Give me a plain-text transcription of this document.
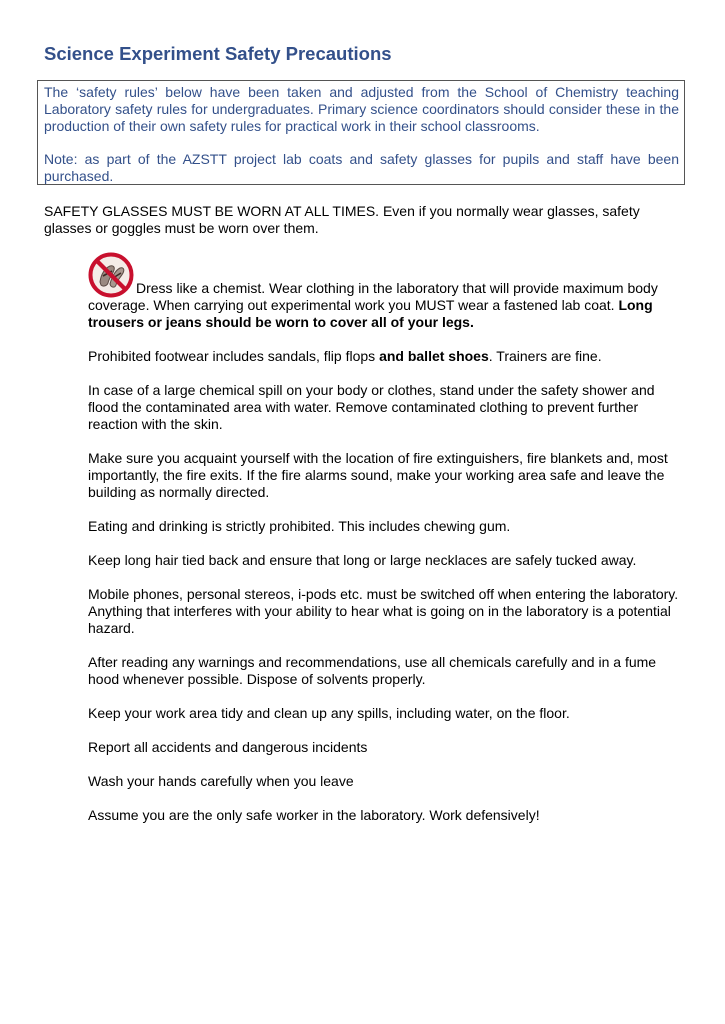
Science Experiment Safety Precautions

The ‘safety rules’ below have been taken and adjusted from the School of Chemistry teaching Laboratory safety rules for undergraduates. Primary science coordinators should consider these in the production of their own safety rules for practical work in their school classrooms.

Note: as part of the AZSTT project lab coats and safety glasses for pupils and staff have been purchased.

SAFETY GLASSES MUST BE WORN AT ALL TIMES. Even if you normally wear glasses, safety glasses or goggles must be worn over them.

Dress like a chemist. Wear clothing in the laboratory that will provide maximum body coverage. When carrying out experimental work you MUST wear a fastened lab coat. Long trousers or jeans should be worn to cover all of your legs.

Prohibited footwear includes sandals, flip flops and ballet shoes. Trainers are fine.

In case of a large chemical spill on your body or clothes, stand under the safety shower and flood the contaminated area with water. Remove contaminated clothing to prevent further reaction with the skin.

Make sure you acquaint yourself with the location of fire extinguishers, fire blankets and, most importantly, the fire exits. If the fire alarms sound, make your working area safe and leave the building as normally directed.

Eating and drinking is strictly prohibited. This includes chewing gum.

Keep long hair tied back and ensure that long or large necklaces are safely tucked away.

Mobile phones, personal stereos, i-pods etc. must be switched off when entering the laboratory. Anything that interferes with your ability to hear what is going on in the laboratory is a potential hazard.

After reading any warnings and recommendations, use all chemicals carefully and in a fume hood whenever possible. Dispose of solvents properly.

Keep your work area tidy and clean up any spills, including water, on the floor.

Report all accidents and dangerous incidents

Wash your hands carefully when you leave

Assume you are the only safe worker in the laboratory. Work defensively!
